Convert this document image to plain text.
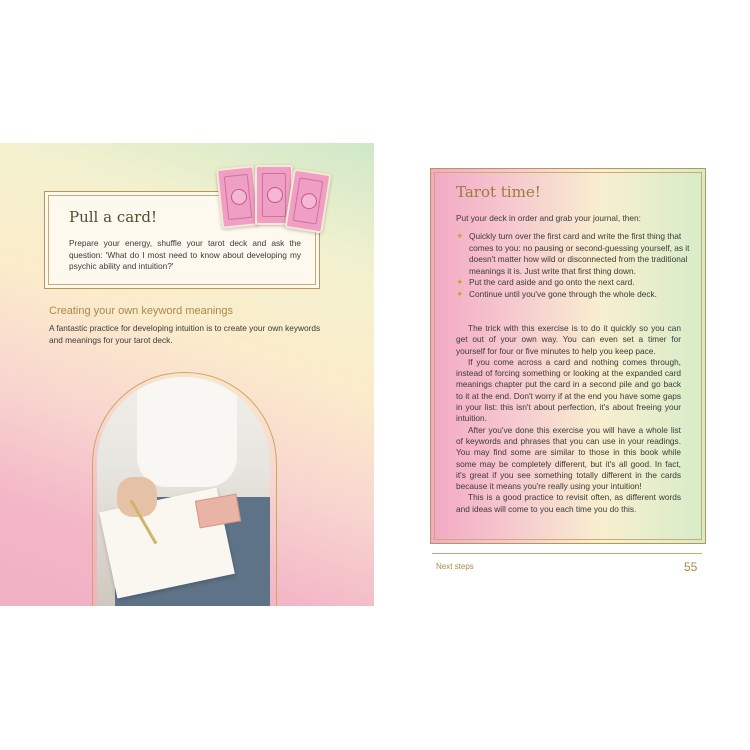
Pull a card!

Prepare your energy, shuffle your tarot deck and ask the question: 'What do I most need to know about developing my psychic ability and intuition?'

Creating your own keyword meanings

A fantastic practice for developing intuition is to create your own keywords and meanings for your tarot deck.

Tarot time!

Put your deck in order and grab your journal, then:

✦ Quickly turn over the first card and write the first thing that comes to you: no pausing or second-guessing yourself, as it doesn't matter how wild or disconnected from the traditional meanings it is. Just write that first thing down.
✦ Put the card aside and go onto the next card.
✦ Continue until you've gone through the whole deck.

The trick with this exercise is to do it quickly so you can get out of your own way. You can even set a timer for yourself for four or five minutes to help you keep pace.

If you come across a card and nothing comes through, instead of forcing something or looking at the expanded card meanings chapter put the card in a second pile and go back to it at the end. Don't worry if at the end you have some gaps in your list: this isn't about perfection, it's about freeing your intuition.

After you've done this exercise you will have a whole list of keywords and phrases that you can use in your readings. You may find some are similar to those in this book while some may be completely different, but it's all good. In fact, it's great if you see something totally different in the cards because it means you're really using your intuition!

This is a good practice to revisit often, as different words and ideas will come to you each time you do this.

Next steps	55
